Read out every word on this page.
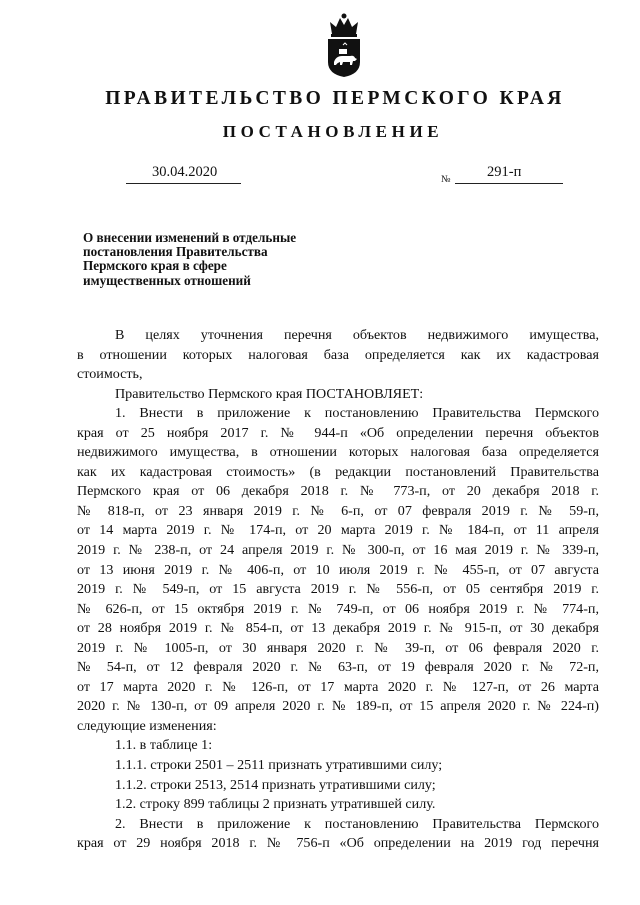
ПРАВИТЕЛЬСТВО ПЕРМСКОГО КРАЯ
ПОСТАНОВЛЕНИЕ
30.04.2020	№	291-п
О внесении изменений в отдельные
постановления Правительства
Пермского края в сфере
имущественных отношений
В целях уточнения перечня объектов недвижимого имущества,
в отношении которых налоговая база определяется как их кадастровая
стоимость,
Правительство Пермского края ПОСТАНОВЛЯЕТ:
1. Внести в приложение к постановлению Правительства Пермского
края от 25 ноября 2017 г. № 944-п «Об определении перечня объектов
недвижимого имущества, в отношении которых налоговая база определяется
как их кадастровая стоимость» (в редакции постановлений Правительства
Пермского края от 06 декабря 2018 г. № 773-п, от 20 декабря 2018 г.
№ 818-п, от 23 января 2019 г. № 6-п, от 07 февраля 2019 г. № 59-п,
от 14 марта 2019 г. № 174-п, от 20 марта 2019 г. № 184-п, от 11 апреля
2019 г. № 238-п, от 24 апреля 2019 г. № 300-п, от 16 мая 2019 г. № 339-п,
от 13 июня 2019 г. № 406-п, от 10 июля 2019 г. № 455-п, от 07 августа
2019 г. № 549-п, от 15 августа 2019 г. № 556-п, от 05 сентября 2019 г.
№ 626-п, от 15 октября 2019 г. № 749-п, от 06 ноября 2019 г. № 774-п,
от 28 ноября 2019 г. № 854-п, от 13 декабря 2019 г. № 915-п, от 30 декабря
2019 г. № 1005-п, от 30 января 2020 г. № 39-п, от 06 февраля 2020 г.
№ 54-п, от 12 февраля 2020 г. № 63-п, от 19 февраля 2020 г. № 72-п,
от 17 марта 2020 г. № 126-п, от 17 марта 2020 г. № 127-п, от 26 марта
2020 г. № 130-п, от 09 апреля 2020 г. № 189-п, от 15 апреля 2020 г. № 224-п)
следующие изменения:
1.1. в таблице 1:
1.1.1. строки 2501 – 2511 признать утратившими силу;
1.1.2. строки 2513, 2514 признать утратившими силу;
1.2. строку 899 таблицы 2 признать утратившей силу.
2. Внести в приложение к постановлению Правительства Пермского
края от 29 ноября 2018 г. № 756-п «Об определении на 2019 год перечня
